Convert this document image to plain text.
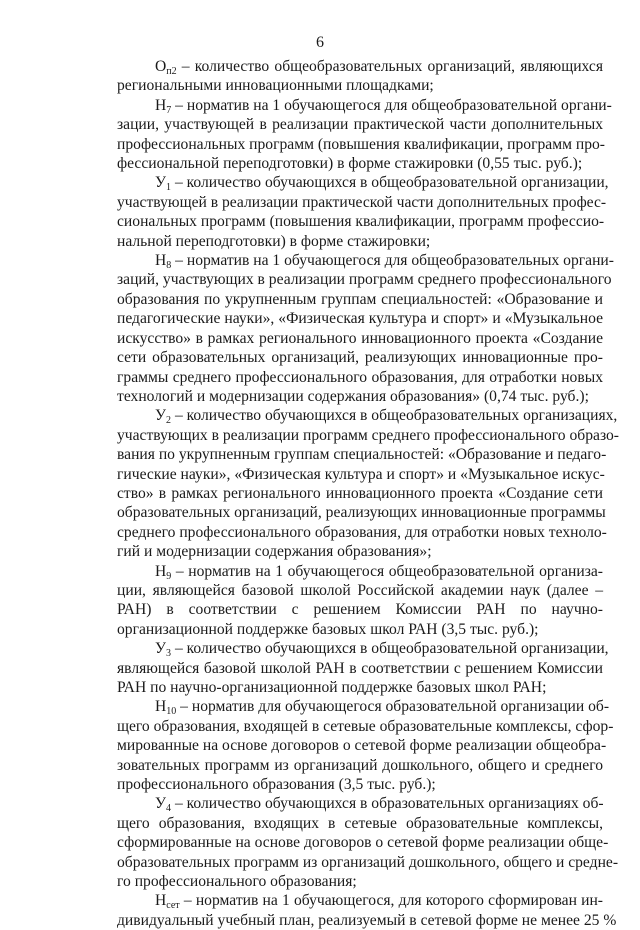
6

$О_{п2}$ – количество общеобразовательных организаций, являющихся
региональными инновационными площадками;

$Н_7$ – норматив на 1 обучающегося для общеобразовательной органи-
зации, участвующей в реализации практической части дополнительных
профессиональных программ (повышения квалификации, программ про-
фессиональной переподготовки) в форме стажировки (0,55 тыс. руб.);

$У_1$ – количество обучающихся в общеобразовательной организации,
участвующей в реализации практической части дополнительных профес-
сиональных программ (повышения квалификации, программ профессио-
нальной переподготовки) в форме стажировки;

$Н_8$ – норматив на 1 обучающегося для общеобразовательных органи-
заций, участвующих в реализации программ среднего профессионального
образования по укрупненным группам специальностей: «Образование и
педагогические науки», «Физическая культура и спорт» и «Музыкальное
искусство» в рамках регионального инновационного проекта «Создание
сети образовательных организаций, реализующих инновационные про-
граммы среднего профессионального образования, для отработки новых
технологий и модернизации содержания образования» (0,74 тыс. руб.);

$У_2$ – количество обучающихся в общеобразовательных организациях,
участвующих в реализации программ среднего профессионального образо-
вания по укрупненным группам специальностей: «Образование и педаго-
гические науки», «Физическая культура и спорт» и «Музыкальное искус-
ство» в рамках регионального инновационного проекта «Создание сети
образовательных организаций, реализующих инновационные программы
среднего профессионального образования, для отработки новых техноло-
гий и модернизации содержания образования»;

$Н_9$ – норматив на 1 обучающегося общеобразовательной организа-
ции, являющейся базовой школой Российской академии наук (далее –
РАН) в соответствии с решением Комиссии РАН по научно-
организационной поддержке базовых школ РАН (3,5 тыс. руб.);

$У_3$ – количество обучающихся в общеобразовательной организации,
являющейся базовой школой РАН в соответствии с решением Комиссии
РАН по научно-организационной поддержке базовых школ РАН;

$Н_{10}$ – норматив для обучающегося образовательной организации об-
щего образования, входящей в сетевые образовательные комплексы, сфор-
мированные на основе договоров о сетевой форме реализации общеобра-
зовательных программ из организаций дошкольного, общего и среднего
профессионального образования (3,5 тыс. руб.);

$У_4$ – количество обучающихся в образовательных организациях об-
щего образования, входящих в сетевые образовательные комплексы,
сформированные на основе договоров о сетевой форме реализации обще-
образовательных программ из организаций дошкольного, общего и средне-
го профессионального образования;

$Н_{сет}$ – норматив на 1 обучающегося, для которого сформирован ин-
дивидуальный учебный план, реализуемый в сетевой форме не менее 25 %
